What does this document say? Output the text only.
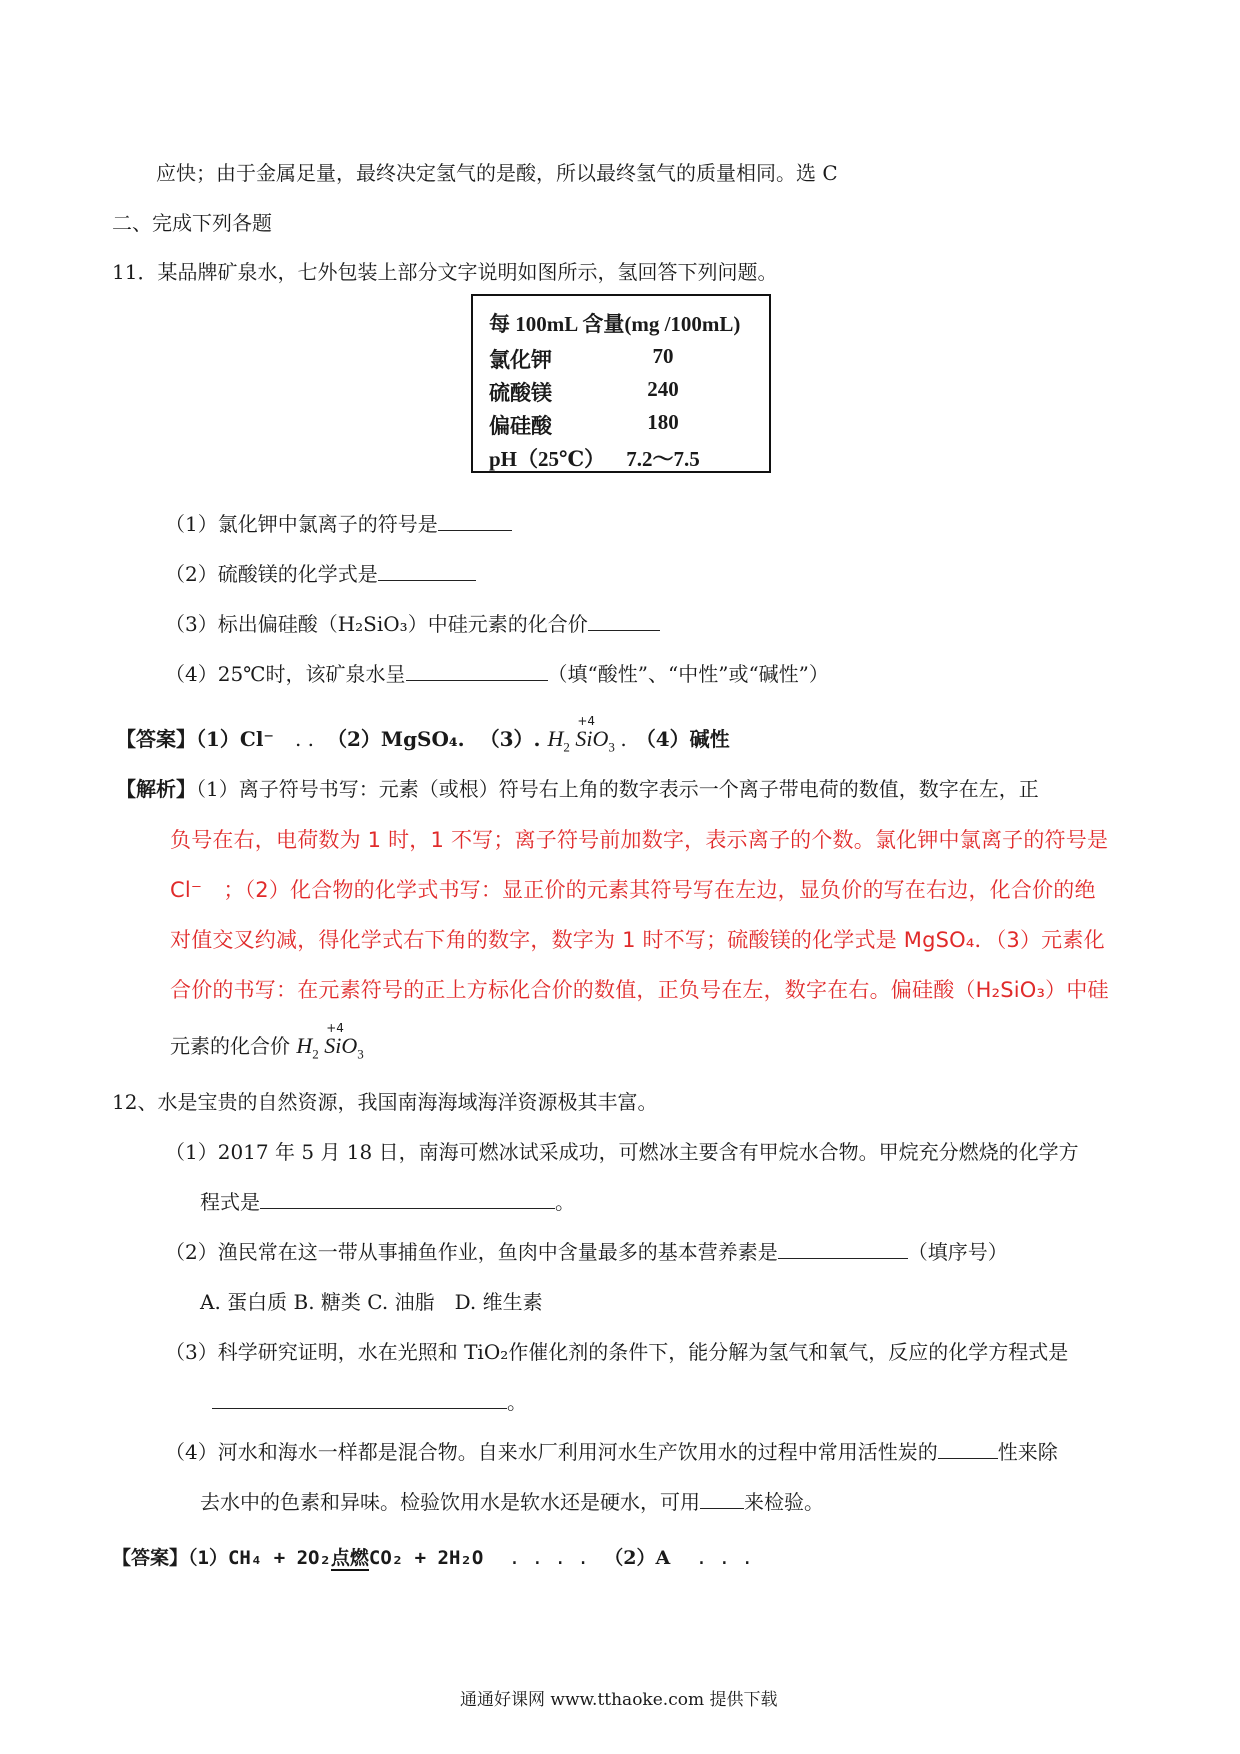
应快；由于金属足量，最终决定氢气的是酸，所以最终氢气的质量相同。选 C
二、完成下列各题
11．某品牌矿泉水，七外包装上部分文字说明如图所示，氢回答下列问题。
每 100mL 含量(mg /100mL)
氯化钾	70
硫酸镁	240
偏硅酸	180
pH（25℃） 7.2～7.5
（1）氯化钾中氯离子的符号是
（2）硫酸镁的化学式是
（3）标出偏硅酸（H₂SiO₃）中硅元素的化合价
（4）25℃时，该矿泉水呈	（填“酸性”、“中性”或“碱性”）
【答案】（1）Cl⁻ . . （2）MgSO₄. （3）. $H_2$
+4
SiO$_3$ . （4）碱性
【解析】（1）离子符号书写：元素（或根）符号右上角的数字表示一个离子带电荷的数值，数字在左，正
负号在右，电荷数为 1 时，1 不写；离子符号前加数字，表示离子的个数。氯化钾中氯离子的符号是
Cl⁻　；（2）化合物的化学式书写：显正价的元素其符号写在左边，显负价的写在右边，化合价的绝
对值交叉约减，得化学式右下角的数字，数字为 1 时不写；硫酸镁的化学式是 MgSO₄．（3）元素化
合价的书写：在元素符号的正上方标化合价的数值，正负号在左，数字在右。偏硅酸（H₂SiO₃）中硅
元素的化合价 $H_2$
+4
SiO$_3$
12、水是宝贵的自然资源，我国南海海域海洋资源极其丰富。
（1）2017 年 5 月 18 日，南海可燃冰试采成功，可燃冰主要含有甲烷水合物。甲烷充分燃烧的化学方
程式是	。
（2）渔民常在这一带从事捕鱼作业，鱼肉中含量最多的基本营养素是	（填序号）
A. 蛋白质 B. 糖类 C. 油脂　D. 维生素
（3）科学研究证明，水在光照和 TiO₂作催化剂的条件下，能分解为氢气和氧气，反应的化学方程式是
。
（4）河水和海水一样都是混合物。自来水厂利用河水生产饮用水的过程中常用活性炭的	性来除
去水中的色素和异味。检验饮用水是软水还是硬水，可用 来检验。
【答案】（1）CH₄ + 2O₂点燃CO₂ + 2H₂O . . . . （2）A . . .
通通好课网 www.tthaoke.com 提供下载
